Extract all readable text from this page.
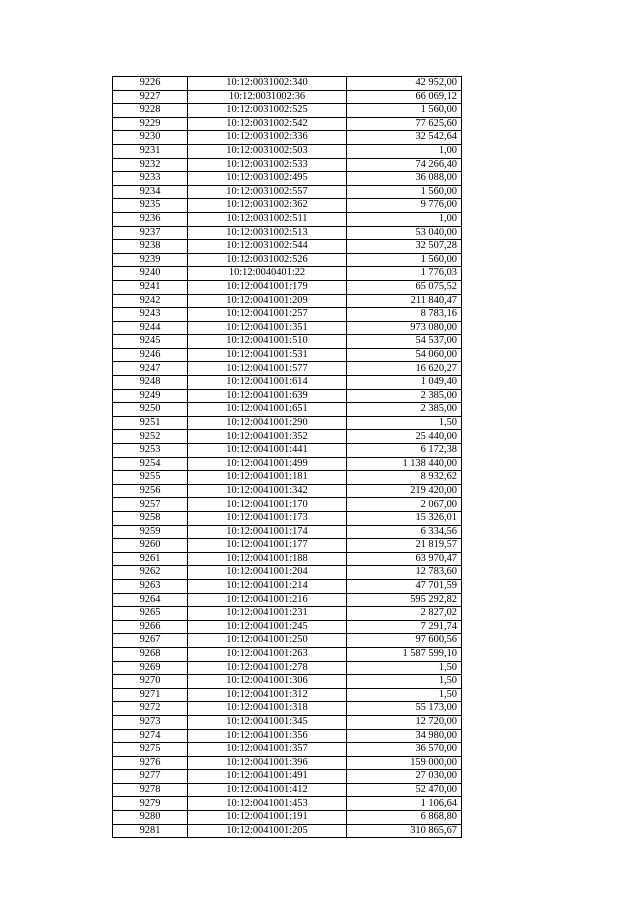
9226	10:12:0031002:340	42 952,00
9227	10:12:0031002:36	66 069,12
9228	10:12:0031002:525	1 560,00
9229	10:12:0031002:542	77 625,60
9230	10:12:0031002:336	32 542,64
9231	10:12:0031002:503	1,00
9232	10:12:0031002:533	74 266,40
9233	10:12:0031002:495	36 088,00
9234	10:12:0031002:557	1 560,00
9235	10:12:0031002:362	9 776,00
9236	10:12:0031002:511	1,00
9237	10:12:0031002:513	53 040,00
9238	10:12:0031002:544	32 507,28
9239	10:12:0031002:526	1 560,00
9240	10:12:0040401:22	1 776,03
9241	10:12:0041001:179	65 075,52
9242	10:12:0041001:209	211 840,47
9243	10:12:0041001:257	8 783,16
9244	10:12:0041001:351	973 080,00
9245	10:12:0041001:510	54 537,00
9246	10:12:0041001:531	54 060,00
9247	10:12:0041001:577	16 620,27
9248	10:12:0041001:614	1 049,40
9249	10:12:0041001:639	2 385,00
9250	10:12:0041001:651	2 385,00
9251	10:12:0041001:290	1,50
9252	10:12:0041001:352	25 440,00
9253	10:12:0041001:441	6 172,38
9254	10:12:0041001:499	1 138 440,00
9255	10:12:0041001:181	8 932,62
9256	10:12:0041001:342	219 420,00
9257	10:12:0041001:170	2 067,00
9258	10:12:0041001:173	15 326,01
9259	10:12:0041001:174	6 334,56
9260	10:12:0041001:177	21 819,57
9261	10:12:0041001:188	63 970,47
9262	10:12:0041001:204	12 783,60
9263	10:12:0041001:214	47 701,59
9264	10:12:0041001:216	595 292,82
9265	10:12:0041001:231	2 827,02
9266	10:12:0041001:245	7 291,74
9267	10:12:0041001:250	97 600,56
9268	10:12:0041001:263	1 587 599,10
9269	10:12:0041001:278	1,50
9270	10:12:0041001:306	1,50
9271	10:12:0041001:312	1,50
9272	10:12:0041001:318	55 173,00
9273	10:12:0041001:345	12 720,00
9274	10:12:0041001:356	34 980,00
9275	10:12:0041001:357	36 570,00
9276	10:12:0041001:396	159 000,00
9277	10:12:0041001:491	27 030,00
9278	10:12:0041001:412	52 470,00
9279	10:12:0041001:453	1 106,64
9280	10:12:0041001:191	6 868,80
9281	10:12:0041001:205	310 865,67
